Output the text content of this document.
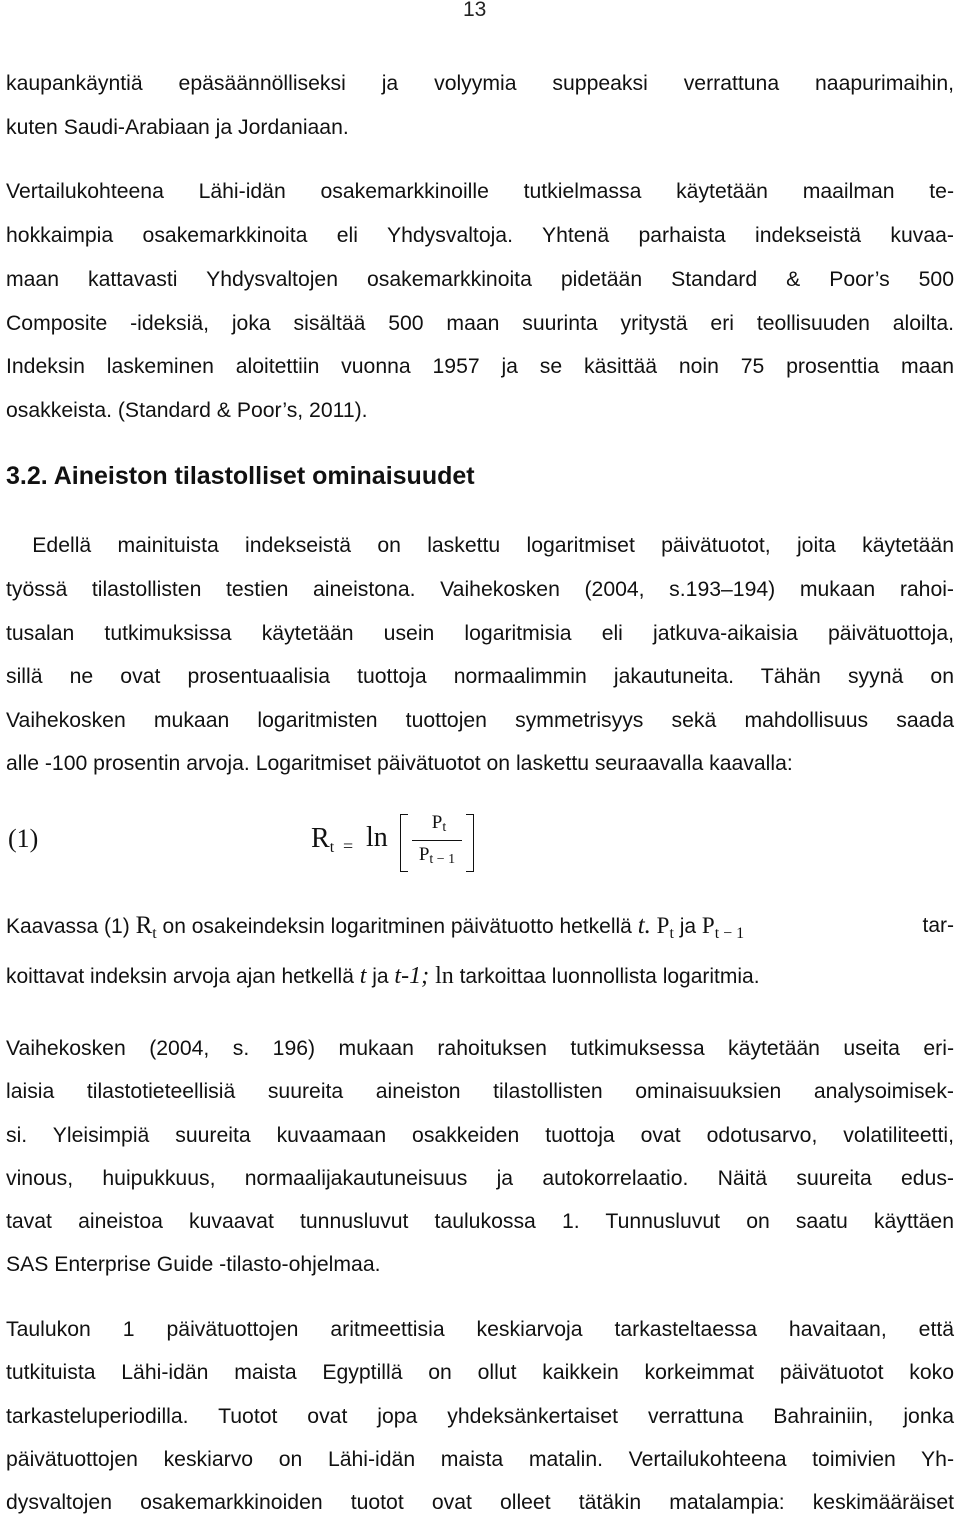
13
kaupankäyntiä epäsäännölliseksi ja volyymia suppeaksi verrattuna naapurimaihin,
kuten Saudi-Arabiaan ja Jordaniaan.
Vertailukohteena Lähi-idän osakemarkkinoille tutkielmassa käytetään maailman te-
hokkaimpia osakemarkkinoita eli Yhdysvaltoja. Yhtenä parhaista indekseistä kuvaa-
maan kattavasti Yhdysvaltojen osakemarkkinoita pidetään Standard & Poor’s 500
Composite -ideksiä, joka sisältää 500 maan suurinta yritystä eri teollisuuden aloilta.
Indeksin laskeminen aloitettiin vuonna 1957 ja se käsittää noin 75 prosenttia maan
osakkeista. (Standard & Poor’s, 2011).
3.2. Aineiston tilastolliset ominaisuudet
Edellä mainituista indekseistä on laskettu logaritmiset päivätuotot, joita käytetään
työssä tilastollisten testien aineistona. Vaihekosken (2004, s.193–194) mukaan rahoi-
tusalan tutkimuksissa käytetään usein logaritmisia eli jatkuva-aikaisia päivätuottoja,
sillä ne ovat prosentuaalisia tuottoja normaalimmin jakautuneita. Tähän syynä on
Vaihekosken mukaan logaritmisten tuottojen symmetrisyys sekä mahdollisuus saada
alle -100 prosentin arvoja. Logaritmiset päivätuotot on laskettu seuraavalla kaavalla:
(1)	$R_t = \ln$	Pt
Pt − 1
Kaavassa (1) $R_t$ on osakeindeksin logaritminen päivätuotto hetkellä t. $P_t$ ja $P_{t - 1}$	tar-
koittavat indeksin arvoja ajan hetkellä t ja t-1; ln tarkoittaa luonnollista logaritmia.
Vaihekosken (2004, s. 196) mukaan rahoituksen tutkimuksessa käytetään useita eri-
laisia tilastotieteellisiä suureita aineiston tilastollisten ominaisuuksien analysoimisek-
si. Yleisimpiä suureita kuvaamaan osakkeiden tuottoja ovat odotusarvo, volatiliteetti,
vinous, huipukkuus, normaalijakautuneisuus ja autokorrelaatio. Näitä suureita edus-
tavat aineistoa kuvaavat tunnusluvut taulukossa 1. Tunnusluvut on saatu käyttäen
SAS Enterprise Guide -tilasto-ohjelmaa.
Taulukon 1 päivätuottojen aritmeettisia keskiarvoja tarkasteltaessa havaitaan, että
tutkituista Lähi-idän maista Egyptillä on ollut kaikkein korkeimmat päivätuotot koko
tarkasteluperiodilla. Tuotot ovat jopa yhdeksänkertaiset verrattuna Bahrainiin, jonka
päivätuottojen keskiarvo on Lähi-idän maista matalin. Vertailukohteena toimivien Yh-
dysvaltojen osakemarkkinoiden tuotot ovat olleet tätäkin matalampia: keskimääräiset
